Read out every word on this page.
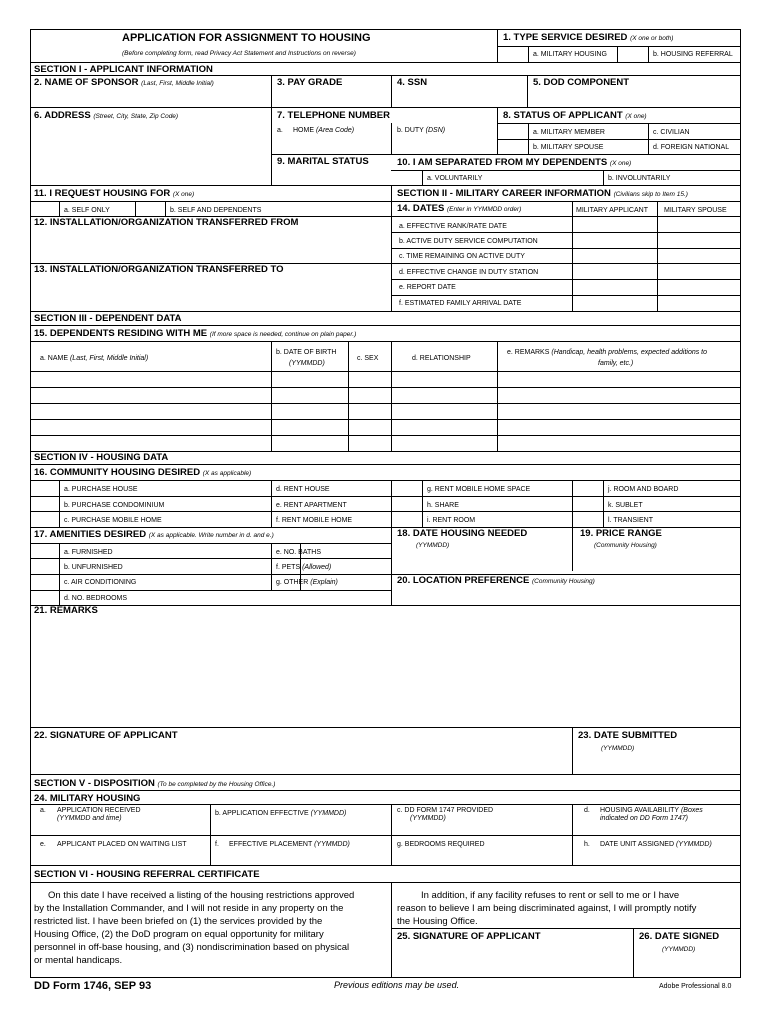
APPLICATION FOR ASSIGNMENT TO HOUSING
(Before completing form, read Privacy Act Statement and Instructions on reverse)
1. TYPE SERVICE DESIRED (X one or both)
a. MILITARY HOUSING	b. HOUSING REFERRAL
SECTION I - APPLICANT INFORMATION
2. NAME OF SPONSOR (Last, First, Middle Initial)	3. PAY GRADE	4. SSN	5. DOD COMPONENT
6. ADDRESS (Street, City, State, Zip Code)	7. TELEPHONE NUMBER	8. STATUS OF APPLICANT (X one)
a. HOME (Area Code)	b. DUTY (DSN)	a. MILITARY MEMBER	c. CIVILIAN
b. MILITARY SPOUSE	d. FOREIGN NATIONAL
9. MARITAL STATUS	10. I AM SEPARATED FROM MY DEPENDENTS (X one)
a. VOLUNTARILY	b. INVOLUNTARILY
11. I REQUEST HOUSING FOR (X one)	SECTION II - MILITARY CAREER INFORMATION (Civilians skip to Item 15.)
a. SELF ONLY	b. SELF AND DEPENDENTS	14. DATES (Enter in YYMMDD order)	MILITARY APPLICANT MILITARY SPOUSE
12. INSTALLATION/ORGANIZATION TRANSFERRED FROM	a. EFFECTIVE RANK/RATE DATE
b. ACTIVE DUTY SERVICE COMPUTATION
c. TIME REMAINING ON ACTIVE DUTY
13. INSTALLATION/ORGANIZATION TRANSFERRED TO	d. EFFECTIVE CHANGE IN DUTY STATION
e. REPORT DATE
f. ESTIMATED FAMILY ARRIVAL DATE
SECTION III - DEPENDENT DATA
15. DEPENDENTS RESIDING WITH ME (If more space is needed, continue on plain paper.)
a. NAME (Last, First, Middle Initial)
b. DATE OF BIRTH
(YYMMDD)
c. SEX	d. RELATIONSHIP
e. REMARKS (Handicap, health problems, expected additions to
family, etc.)
SECTION IV - HOUSING DATA
16. COMMUNITY HOUSING DESIRED (X as applicable)
a. PURCHASE HOUSE	d. RENT HOUSE	g. RENT MOBILE HOME SPACE	j. ROOM AND BOARD
b. PURCHASE CONDOMINIUM	e. RENT APARTMENT	h. SHARE	k. SUBLET
c. PURCHASE MOBILE HOME	f. RENT MOBILE HOME	i. RENT ROOM	l. TRANSIENT
17. AMENITIES DESIRED (X as applicable. Write number in d. and e.)	18. DATE HOUSING NEEDED
(YYMMDD)
19. PRICE RANGE
(Community Housing)
a. FURNISHED	e. NO. BATHS
b. UNFURNISHED	f. PETS (Allowed)
c. AIR CONDITIONING	g. OTHER (Explain)	20. LOCATION PREFERENCE (Community Housing)
d. NO. BEDROOMS
21. REMARKS
22. SIGNATURE OF APPLICANT	23. DATE SUBMITTED
(YYMMDD)
SECTION V - DISPOSITION (To be completed by the Housing Office.)
24. MILITARY HOUSING
a. APPLICATION RECEIVED
(YYMMDD and time)
b. APPLICATION EFFECTIVE (YYMMDD)	c. DD FORM 1747 PROVIDED
(YYMMDD)
d. HOUSING AVAILABILITY (Boxes
indicated on DD Form 1747)
e. APPLICANT PLACED ON WAITING LIST	f. EFFECTIVE PLACEMENT (YYMMDD)	g. BEDROOMS REQUIRED	h. DATE UNIT ASSIGNED (YYMMDD)
SECTION VI - HOUSING REFERRAL CERTIFICATE
On this date I have received a listing of the housing restrictions approved
by the Installation Commander, and I will not reside in any property on the
restricted list. I have been briefed on (1) the services provided by the
Housing Office, (2) the DoD program on equal opportunity for military
personnel in off-base housing, and (3) nondiscrimination based on physical
or mental handicaps.
In addition, if any facility refuses to rent or sell to me or I have
reason to believe I am being discriminated against, I will promptly notify
the Housing Office.
25. SIGNATURE OF APPLICANT	26. DATE SIGNED
(YYMMDD)
DD Form 1746, SEP 93	Previous editions may be used.	Adobe Professional 8.0
